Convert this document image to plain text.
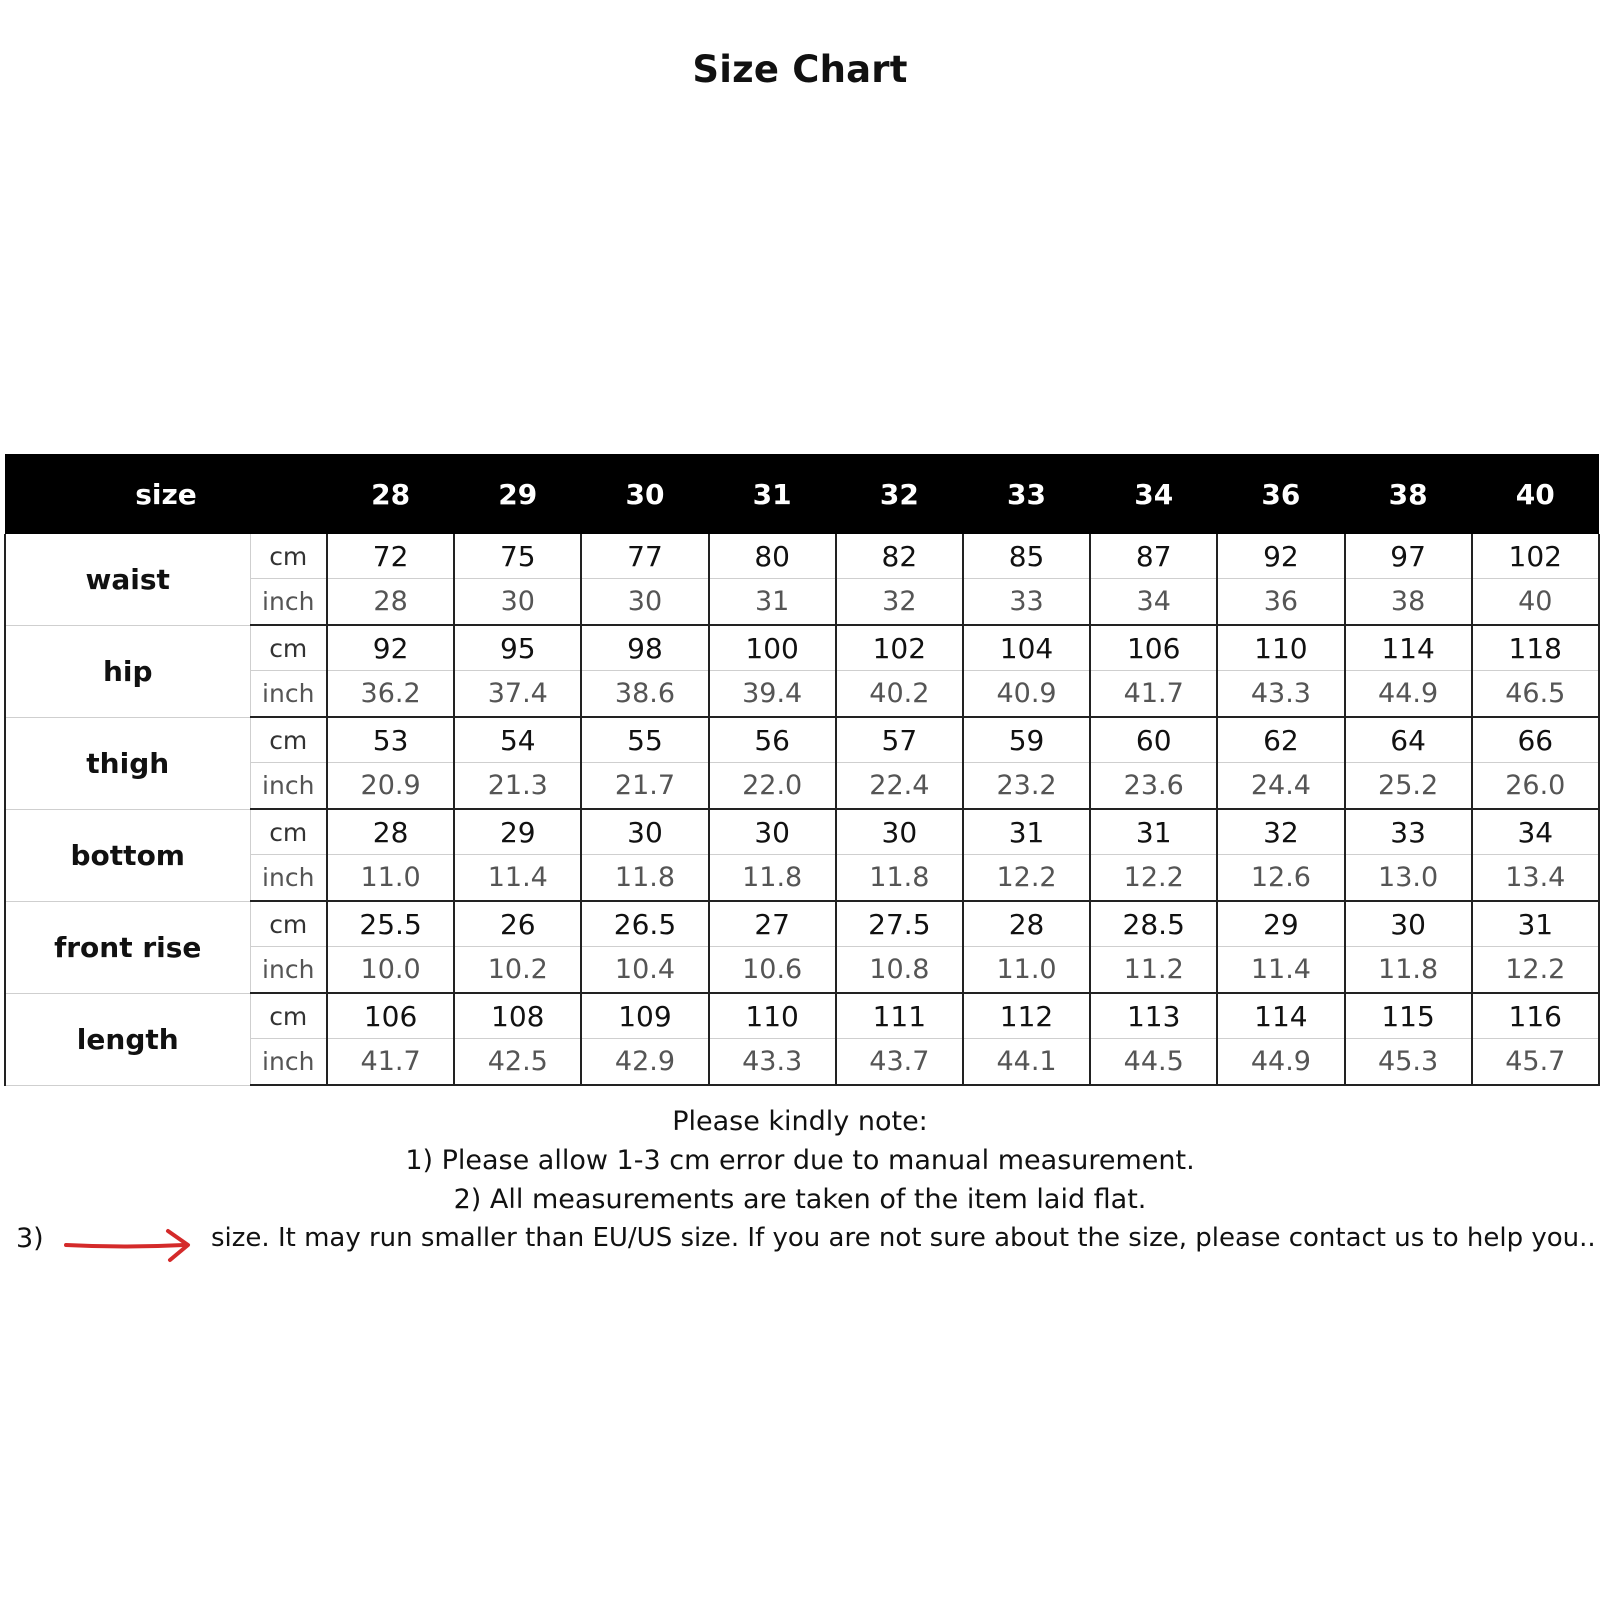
Size Chart
size		28	29	30	31	32	33	34	36	38	40
waist	cm	72	75	77	80	82	85	87	92	97	102
	inch	28	30	30	31	32	33	34	36	38	40
hip	cm	92	95	98	100	102	104	106	110	114	118
	inch	36.2	37.4	38.6	39.4	40.2	40.9	41.7	43.3	44.9	46.5
thigh	cm	53	54	55	56	57	59	60	62	64	66
	inch	20.9	21.3	21.7	22.0	22.4	23.2	23.6	24.4	25.2	26.0
bottom	cm	28	29	30	30	30	31	31	32	33	34
	inch	11.0	11.4	11.8	11.8	11.8	12.2	12.2	12.6	13.0	13.4
front rise	cm	25.5	26	26.5	27	27.5	28	28.5	29	30	31
	inch	10.0	10.2	10.4	10.6	10.8	11.0	11.2	11.4	11.8	12.2
length	cm	106	108	109	110	111	112	113	114	115	116
	inch	41.7	42.5	42.9	43.3	43.7	44.1	44.5	44.9	45.3	45.7
Please kindly note:
1) Please allow 1-3 cm error due to manual measurement.
2) All measurements are taken of the item laid flat.
3)	size. It may run smaller than EU/US size. If you are not sure about the size, please contact us to help you..
